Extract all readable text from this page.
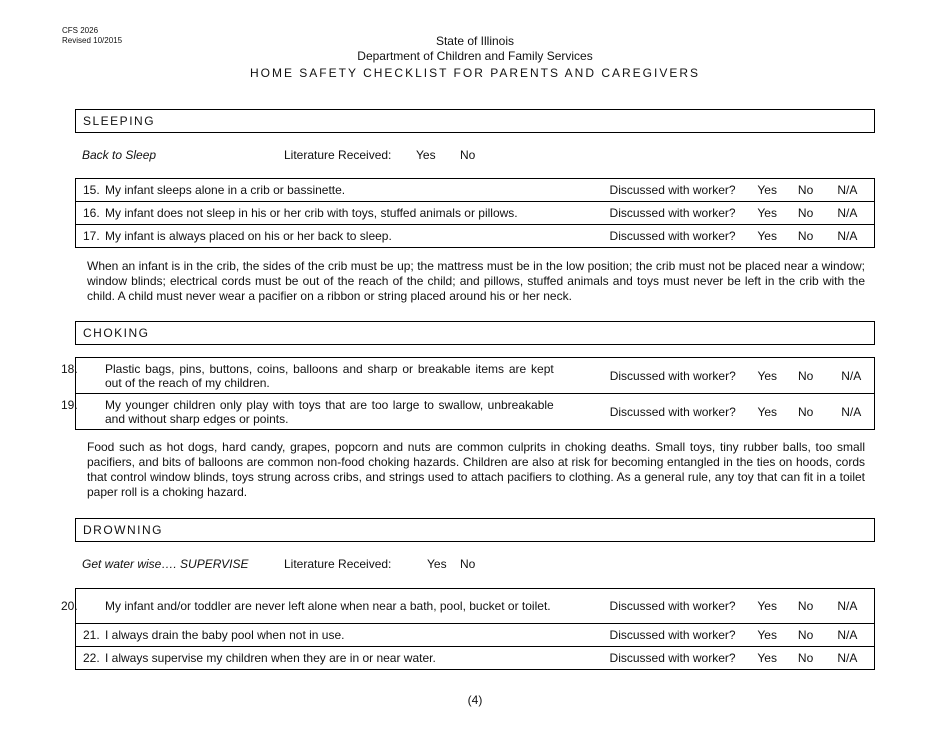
CFS 2026
Revised 10/2015	State of Illinois
Department of Children and Family Services
HOME SAFETY CHECKLIST FOR PARENTS AND CAREGIVERS
SLEEPING
Back to Sleep	Literature Received: Yes No
15. My infant sleeps alone in a crib or bassinette.	Discussed with worker?	Yes	No	N/A
16. My infant does not sleep in his or her crib with toys, stuffed animals or pillows.	Discussed with worker?	Yes	No	N/A
17. My infant is always placed on his or her back to sleep.	Discussed with worker?	Yes	No	N/A
When an infant is in the crib, the sides of the crib must be up; the mattress must be in the low position; the crib must not be placed near a window; window blinds; electrical cords must be out of the reach of the child; and pillows, stuffed animals and toys must never be left in the crib with the child. A child must never wear a pacifier on a ribbon or string placed around his or her neck.
CHOKING
18. Plastic bags, pins, buttons, coins, balloons and sharp or breakable items are kept out of the reach of my children.	Discussed with worker?	Yes	No	N/A

19. My younger children only play with toys that are too large to swallow, unbreakable and without sharp edges or points.	Discussed with worker?	Yes	No	N/A
Food such as hot dogs, hard candy, grapes, popcorn and nuts are common culprits in choking deaths. Small toys, tiny rubber balls, too small pacifiers, and bits of balloons are common non-food choking hazards. Children are also at risk for becoming entangled in the ties on hoods, cords that control window blinds, toys strung across cribs, and strings used to attach pacifiers to clothing. As a general rule, any toy that can fit in a toilet paper roll is a choking hazard.
DROWNING
Get water wise…. SUPERVISE	Literature Received:	Yes No
20. My infant and/or toddler are never left alone when near a bath, pool, bucket or toilet.	Discussed with worker?	Yes	No	N/A
21. I always drain the baby pool when not in use.	Discussed with worker?	Yes	No	N/A
22. I always supervise my children when they are in or near water.	Discussed with worker?	Yes	No	N/A
(4)
